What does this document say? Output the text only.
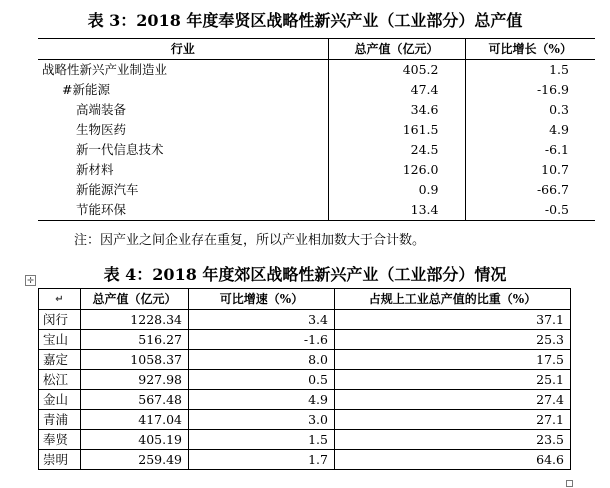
表 3：2018 年度奉贤区战略性新兴产业（工业部分）总产值
行业	总产值（亿元）	可比增长（%）
战略性新兴产业制造业	405.2	1.5
#新能源	47.4	-16.9
高端装备	34.6	0.3
生物医药	161.5	4.9
新一代信息技术	24.5	-6.1
新材料	126.0	10.7
新能源汽车	0.9	-66.7
节能环保	13.4	-0.5
注：因产业之间企业存在重复，所以产业相加数大于合计数。
✛	表 4：2018 年度郊区战略性新兴产业（工业部分）情况
↵	总产值（亿元）	可比增速（%）	占规上工业总产值的比重（%）
闵行	1228.34	3.4	37.1
宝山	516.27	-1.6	25.3
嘉定	1058.37	8.0	17.5
松江	927.98	0.5	25.1
金山	567.48	4.9	27.4
青浦	417.04	3.0	27.1
奉贤	405.19	1.5	23.5
崇明	259.49	1.7	64.6
